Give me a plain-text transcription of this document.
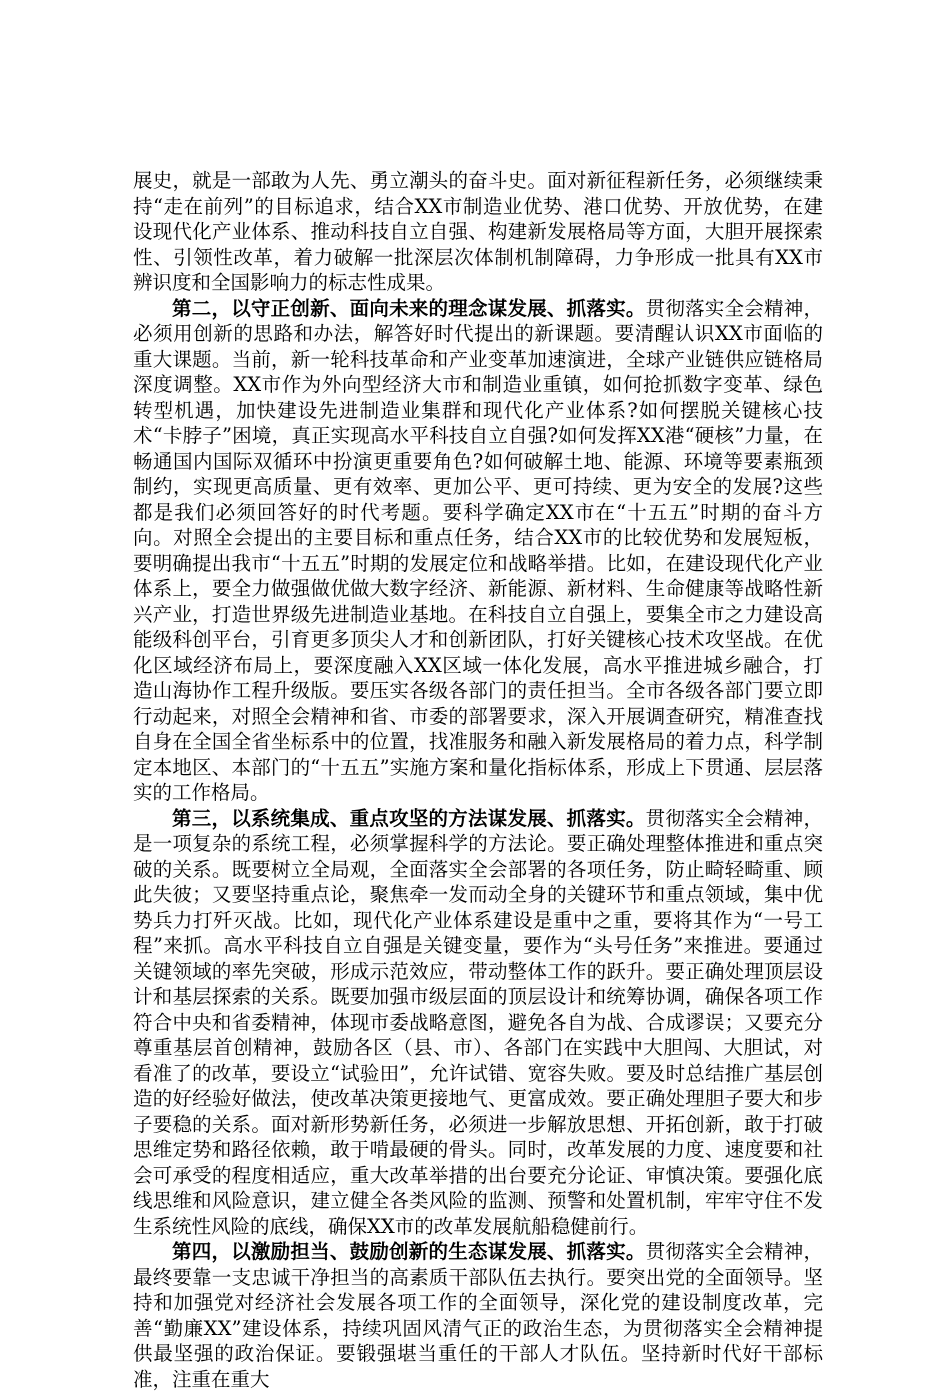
展史，就是一部敢为人先、勇立潮头的奋斗史。面对新征程新任务，必须继续秉持“走在前列”的目标追求，结合XX市制造业优势、港口优势、开放优势，在建设现代化产业体系、推动科技自立自强、构建新发展格局等方面，大胆开展探索性、引领性改革，着力破解一批深层次体制机制障碍，力争形成一批具有XX市辨识度和全国影响力的标志性成果。

第二，以守正创新、面向未来的理念谋发展、抓落实。贯彻落实全会精神，必须用创新的思路和办法，解答好时代提出的新课题。要清醒认识XX市面临的重大课题。当前，新一轮科技革命和产业变革加速演进，全球产业链供应链格局深度调整。XX市作为外向型经济大市和制造业重镇，如何抢抓数字变革、绿色转型机遇，加快建设先进制造业集群和现代化产业体系?如何摆脱关键核心技术“卡脖子”困境，真正实现高水平科技自立自强?如何发挥XX港“硬核”力量，在畅通国内国际双循环中扮演更重要角色?如何破解土地、能源、环境等要素瓶颈制约，实现更高质量、更有效率、更加公平、更可持续、更为安全的发展?这些都是我们必须回答好的时代考题。要科学确定XX市在“十五五”时期的奋斗方向。对照全会提出的主要目标和重点任务，结合XX市的比较优势和发展短板，要明确提出我市“十五五”时期的发展定位和战略举措。比如，在建设现代化产业体系上，要全力做强做优做大数字经济、新能源、新材料、生命健康等战略性新兴产业，打造世界级先进制造业基地。在科技自立自强上，要集全市之力建设高能级科创平台，引育更多顶尖人才和创新团队，打好关键核心技术攻坚战。在优化区域经济布局上，要深度融入XX区域一体化发展，高水平推进城乡融合，打造山海协作工程升级版。要压实各级各部门的责任担当。全市各级各部门要立即行动起来，对照全会精神和省、市委的部署要求，深入开展调查研究，精准查找自身在全国全省坐标系中的位置，找准服务和融入新发展格局的着力点，科学制定本地区、本部门的“十五五”实施方案和量化指标体系，形成上下贯通、层层落实的工作格局。

第三，以系统集成、重点攻坚的方法谋发展、抓落实。贯彻落实全会精神，是一项复杂的系统工程，必须掌握科学的方法论。要正确处理整体推进和重点突破的关系。既要树立全局观，全面落实全会部署的各项任务，防止畸轻畸重、顾此失彼；又要坚持重点论，聚焦牵一发而动全身的关键环节和重点领域，集中优势兵力打歼灭战。比如，现代化产业体系建设是重中之重，要将其作为“一号工程”来抓。高水平科技自立自强是关键变量，要作为“头号任务”来推进。要通过关键领域的率先突破，形成示范效应，带动整体工作的跃升。要正确处理顶层设计和基层探索的关系。既要加强市级层面的顶层设计和统筹协调，确保各项工作符合中央和省委精神，体现市委战略意图，避免各自为战、合成谬误；又要充分尊重基层首创精神，鼓励各区（县、市）、各部门在实践中大胆闯、大胆试，对看准了的改革，要设立“试验田”，允许试错、宽容失败。要及时总结推广基层创造的好经验好做法，使改革决策更接地气、更富成效。要正确处理胆子要大和步子要稳的关系。面对新形势新任务，必须进一步解放思想、开拓创新，敢于打破思维定势和路径依赖，敢于啃最硬的骨头。同时，改革发展的力度、速度要和社会可承受的程度相适应，重大改革举措的出台要充分论证、审慎决策。要强化底线思维和风险意识，建立健全各类风险的监测、预警和处置机制，牢牢守住不发生系统性风险的底线，确保XX市的改革发展航船稳健前行。

第四，以激励担当、鼓励创新的生态谋发展、抓落实。贯彻落实全会精神，最终要靠一支忠诚干净担当的高素质干部队伍去执行。要突出党的全面领导。坚持和加强党对经济社会发展各项工作的全面领导，深化党的建设制度改革，完善“勤廉XX”建设体系，持续巩固风清气正的政治生态，为贯彻落实全会精神提供最坚强的政治保证。要锻强堪当重任的干部人才队伍。坚持新时代好干部标准，注重在重大
